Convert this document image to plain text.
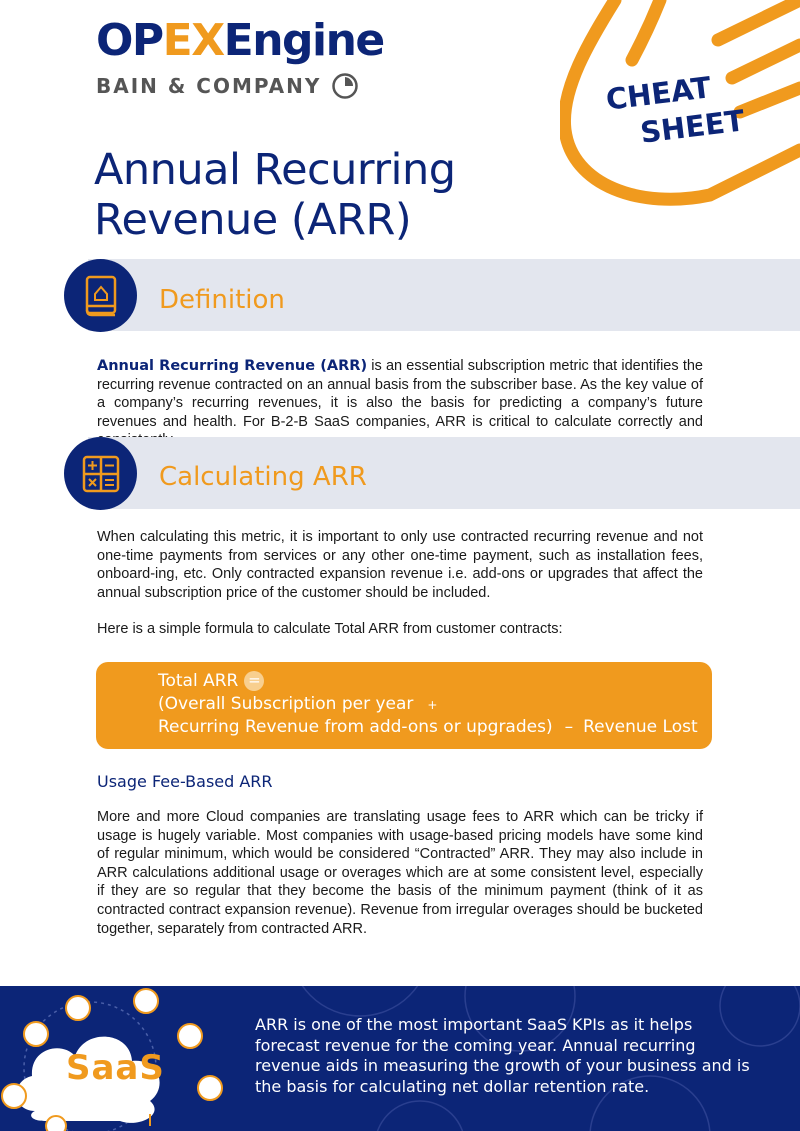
OPEXEngine
BAIN & COMPANY	CHEAT
SHEET
Annual Recurring
Revenue (ARR)
Definition

Annual Recurring Revenue (ARR) is an essential subscription metric that identifies the recurring revenue contracted on an annual basis from the subscriber base. As the key value of a company’s recurring revenues, it is also the basis for predicting a company’s future revenues and health. For B-2-B SaaS companies, ARR is critical to calculate correctly and

Calculating ARR

When calculating this metric, it is important to only use contracted recurring revenue and not one-time payments from services or any other one-time payment, such as installation fees, onboard-ing, etc. Only contracted expansion revenue i.e. add-ons or upgrades that affect the annual subscription price of the customer should be included.

Here is a simple formula to calculate Total ARR from customer contracts:

Total ARR =
(Overall Subscription per year +
Recurring Revenue from add-ons or upgrades) – Revenue Lost
Usage Fee-Based ARR

More and more Cloud companies are translating usage fees to ARR which can be tricky if usage is hugely variable. Most companies with usage-based pricing models have some kind of regular minimum, which would be considered “Contracted” ARR. They may also include in ARR calculations additional usage or overages which are at some consistent level, especially if they are so regular that they become the basis of the minimum payment (think of it as contracted contract expansion revenue). Revenue from irregular overages should be bucketed together, separately from contracted ARR.

SaaS
ARR is one of the most important SaaS KPIs as it helps forecast revenue for the coming year. Annual recurring revenue aids in measuring the growth of your business and is the basis for calculating net dollar retention rate.
